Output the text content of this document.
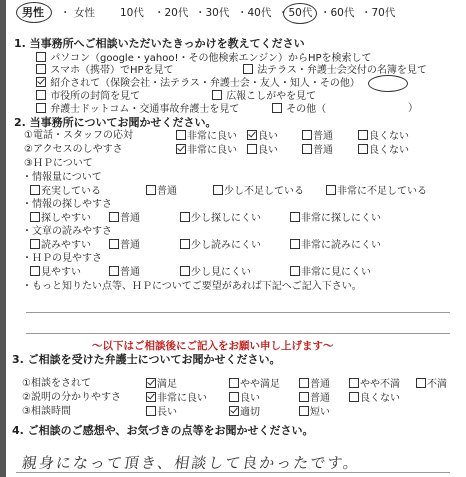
男性 ・ 女性 10代 ・20代 ・30代 ・40代 ・50代 ・60代 ・70代
1. 当事務所へご相談いただいたきっかけを教えてください
パソコン（google・yahoo!・その他検索エンジン）からHPを検索して
スマホ（携帯）でHPを見て	法テラス・弁護士会交付の名簿を見て
紹介されて（保険会社・法テラス・弁護士会・友人・知人・その他）
市役所の封筒を見て	広報こしがやを見て
弁護士ドットコム・交通事故弁護士を見て	その他（	）
2. 当事務所についてお聞かせください。
①電話・スタッフの応対	非常に良い	良い	普通	良くない
②アクセスのしやすさ	非常に良い	良い	普通	良くない
③ＨＰについて
・情報量について
充実している	普通	少し不足している	非常に不足している
・情報の探しやすさ
探しやすい	普通	少し探しにくい	非常に探しにくい
・文章の読みやすさ
読みやすい	普通	少し読みにくい	非常に読みにくい
・ＨＰの見やすさ
見やすい	普通	少し見にくい	非常に見にくい
・もっと知りたい点等、ＨＰについてご要望があれば下記へご記入下さい。
〜以下はご相談後にご記入をお願い申し上げます〜
3. ご相談を受けた弁護士についてお聞かせください。
①相談をされて	満足	やや満足	普通	やや不満	不満
②説明の分かりやすさ	非常に良い	良い	普通	良くない
③相談時間	長い	適切	短い
4. ご相談のご感想や、お気づきの点等をお聞かせください。
親身になって頂き、相談して良かったです。
